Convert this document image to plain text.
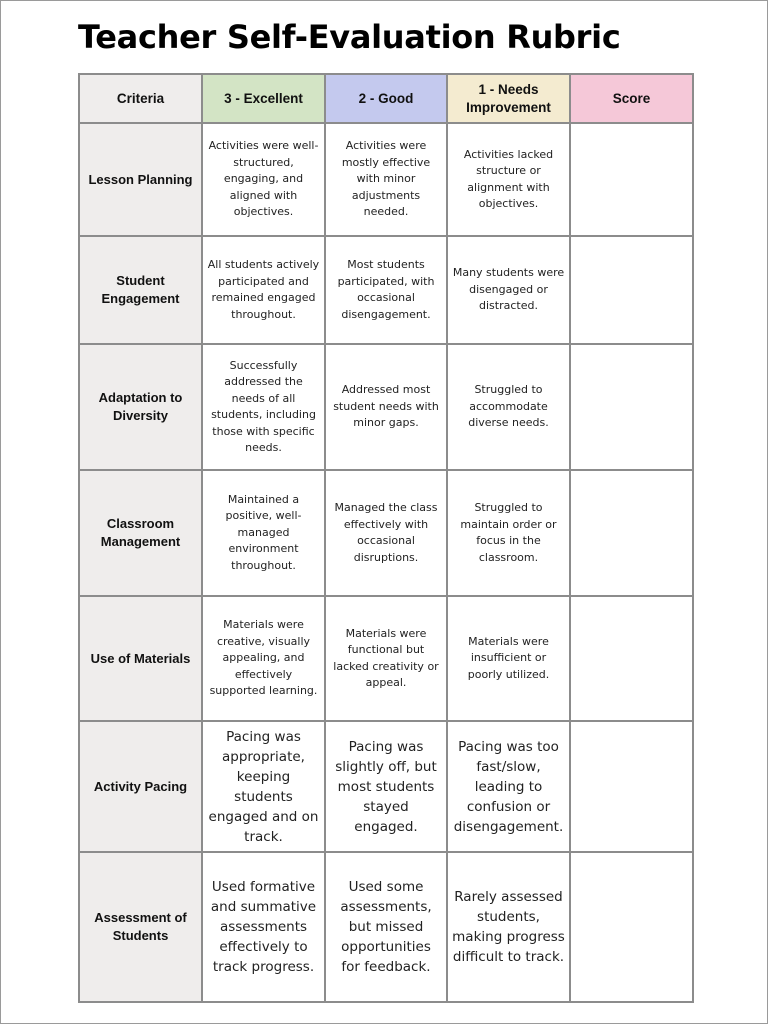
Teacher Self-Evaluation Rubric
Criteria	3 - Excellent	2 - Good	1 - Needs Improvement	Score
Lesson Planning	Activities were well-structured, engaging, and aligned with objectives.	Activities were mostly effective with minor adjustments needed.	Activities lacked structure or alignment with objectives.	
Student Engagement	All students actively participated and remained engaged throughout.	Most students participated, with occasional disengagement.	Many students were disengaged or distracted.	
Adaptation to Diversity	Successfully addressed the needs of all students, including those with specific needs.	Addressed most student needs with minor gaps.	Struggled to accommodate diverse needs.	
Classroom Management	Maintained a positive, well-managed environment throughout.	Managed the class effectively with occasional disruptions.	Struggled to maintain order or focus in the classroom.	
Use of Materials	Materials were creative, visually appealing, and effectively supported learning.	Materials were functional but lacked creativity or appeal.	Materials were insufficient or poorly utilized.	
Activity Pacing	Pacing was appropriate, keeping students engaged and on track.	Pacing was slightly off, but most students stayed engaged.	Pacing was too fast/slow, leading to confusion or disengagement.	
Assessment of Students	Used formative and summative assessments effectively to track progress.	Used some assessments, but missed opportunities for feedback.	Rarely assessed students, making progress difficult to track.	
